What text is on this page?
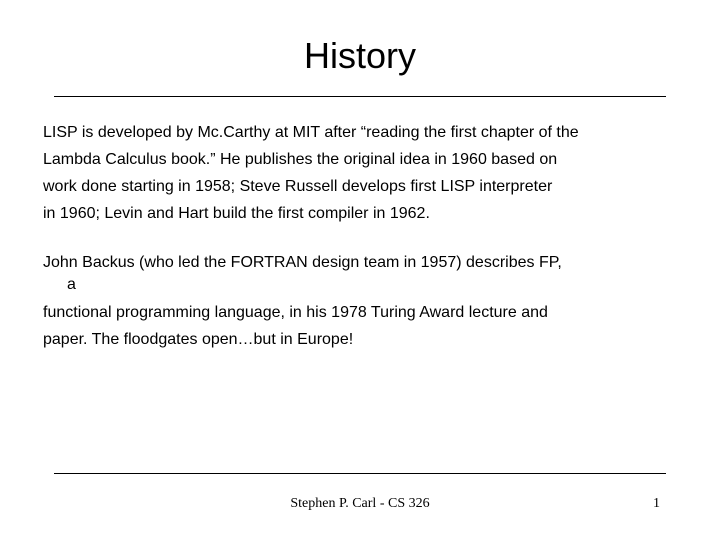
History
LISP is developed by Mc.Carthy at MIT after “reading the first chapter of the
Lambda Calculus book.” He publishes the original idea in 1960 based on
work done starting in 1958; Steve Russell develops first LISP interpreter
in 1960; Levin and Hart build the first compiler in 1962.
John Backus (who led the FORTRAN design team in 1957) describes FP,
a
functional programming language, in his 1978 Turing Award lecture and
paper. The floodgates open…but in Europe!
Stephen P. Carl - CS 326	1
